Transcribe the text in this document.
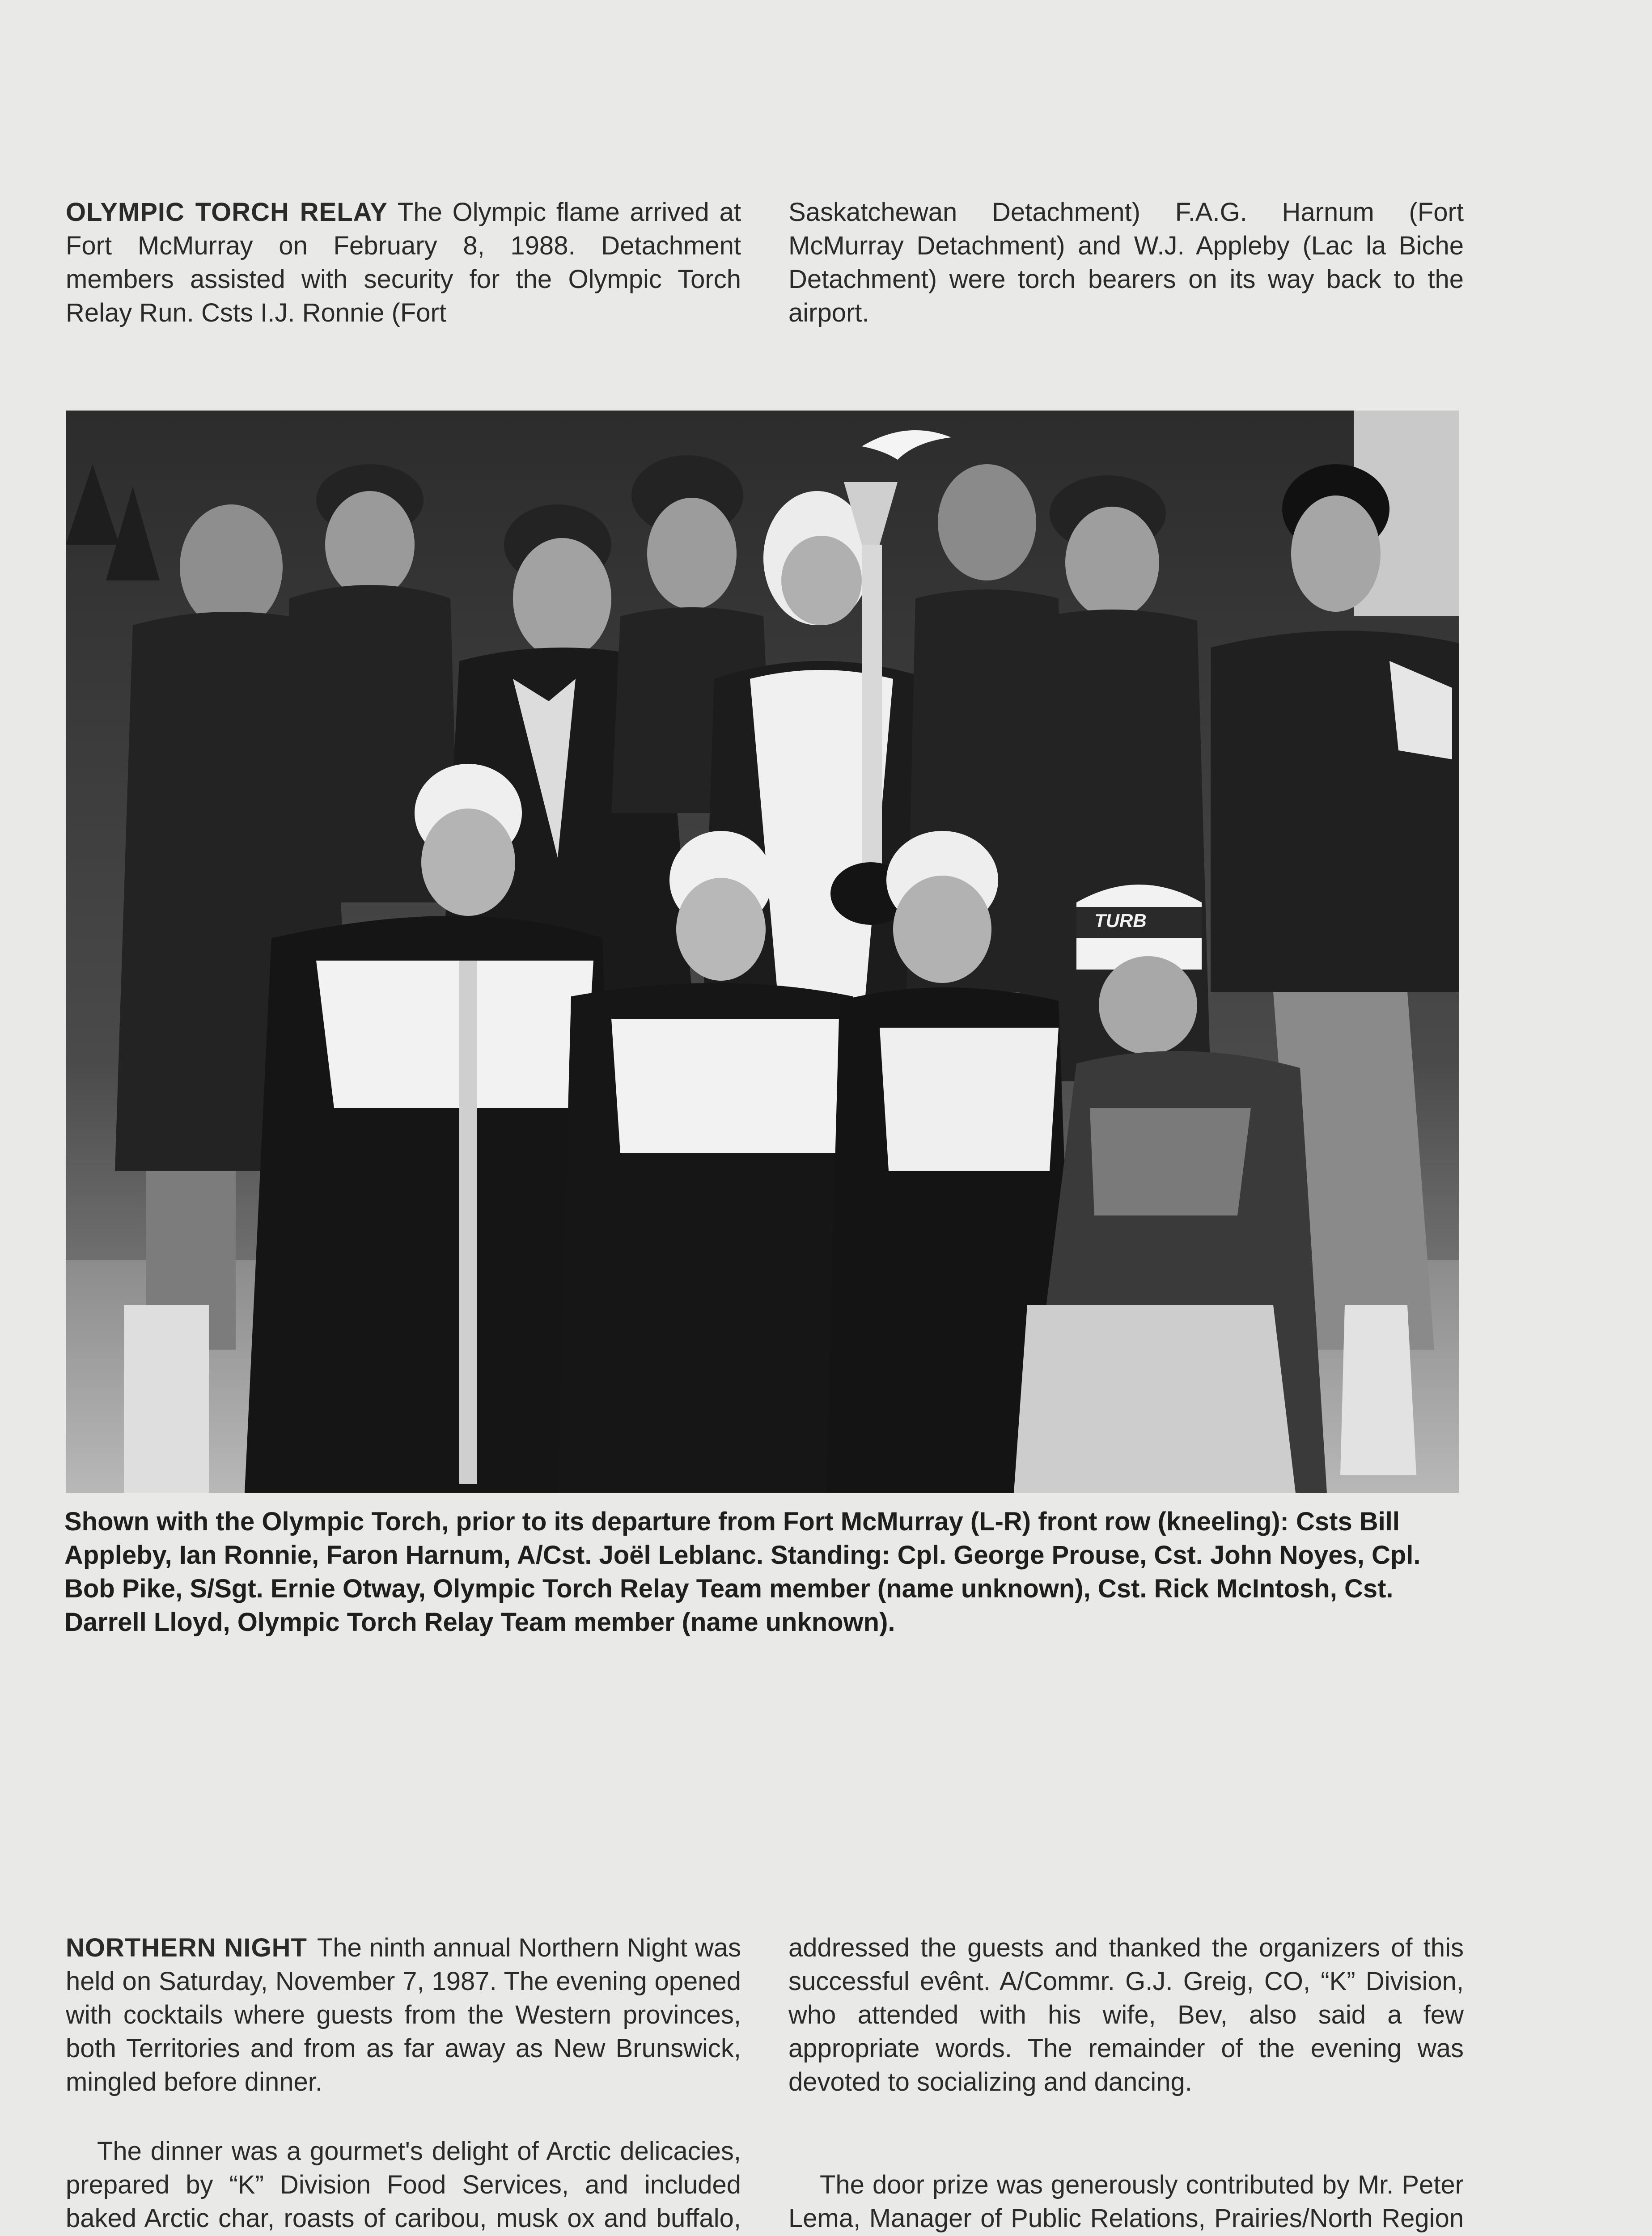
OLYMPIC TORCH RELAY The Olympic flame arrived at Fort McMurray on February 8, 1988. Detachment members assisted with security for the Olympic Torch Relay Run. Csts I.J. Ronnie (Fort

Saskatchewan Detachment) F.A.G. Harnum (Fort McMurray Detachment) and W.J. Appleby (Lac la Biche Detachment) were torch bearers on its way back to the airport.

TURB

Shown with the Olympic Torch, prior to its departure from Fort McMurray (L-R) front row (kneeling): Csts Bill Appleby, Ian Ronnie, Faron Harnum, A/Cst. Joël Leblanc. Standing: Cpl. George Prouse, Cst. John Noyes, Cpl. Bob Pike, S/Sgt. Ernie Otway, Olympic Torch Relay Team member (name unknown), Cst. Rick McIntosh, Cst. Darrell Lloyd, Olympic Torch Relay Team member (name unknown).

NORTHERN NIGHT The ninth annual Northern Night was held on Saturday, November 7, 1987. The evening opened with cocktails where guests from the Western provinces, both Territories and from as far away as New Brunswick, mingled before dinner.

The dinner was a gourmet's delight of Arctic delicacies, prepared by “K” Division Food Services, and included baked Arctic char, roasts of caribou, musk ox and buffalo,

addressed the guests and thanked the organizers of this successful evênt. A/Commr. G.J. Greig, CO, “K” Division, who attended with his wife, Bev, also said a few appropriate words. The remainder of the evening was devoted to socializing and dancing.

The door prize was generously contributed by Mr. Peter Lema, Manager of Public Relations, Prairies/North Region
